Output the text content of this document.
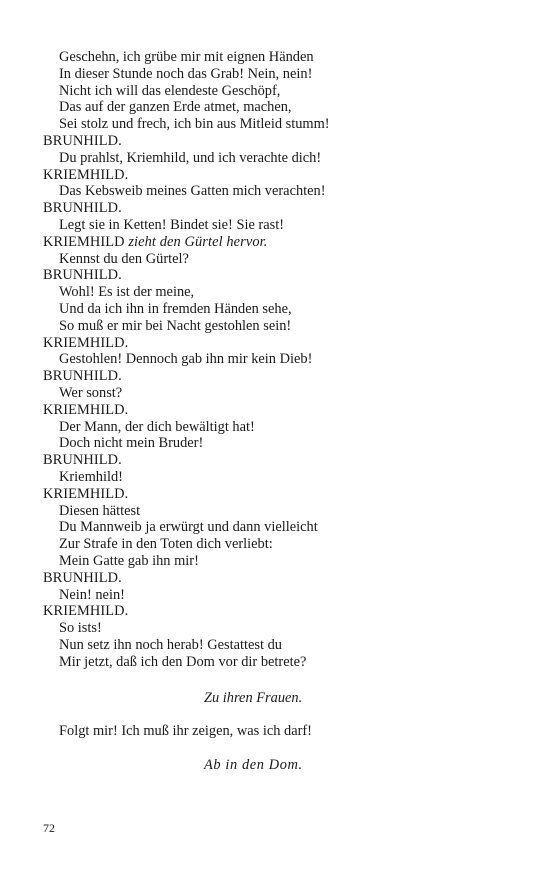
Geschehn, ich grübe mir mit eignen Händen
In dieser Stunde noch das Grab! Nein, nein!
Nicht ich will das elendeste Geschöpf,
Das auf der ganzen Erde atmet, machen,
Sei stolz und frech, ich bin aus Mitleid stumm!
BRUNHILD.
Du prahlst, Kriemhild, und ich verachte dich!
KRIEMHILD.
Das Kebsweib meines Gatten mich verachten!
BRUNHILD.
Legt sie in Ketten! Bindet sie! Sie rast!
KRIEMHILD zieht den Gürtel hervor.
Kennst du den Gürtel?
BRUNHILD.
Wohl! Es ist der meine,
Und da ich ihn in fremden Händen sehe,
So muß er mir bei Nacht gestohlen sein!
KRIEMHILD.
Gestohlen! Dennoch gab ihn mir kein Dieb!
BRUNHILD.
Wer sonst?
KRIEMHILD.
Der Mann, der dich bewältigt hat!
Doch nicht mein Bruder!
BRUNHILD.
Kriemhild!
KRIEMHILD.
Diesen hättest
Du Mannweib ja erwürgt und dann vielleicht
Zur Strafe in den Toten dich verliebt:
Mein Gatte gab ihn mir!
BRUNHILD.
Nein! nein!
KRIEMHILD.
So ists!
Nun setz ihn noch herab! Gestattest du
Mir jetzt, daß ich den Dom vor dir betrete?
Zu ihren Frauen.
Folgt mir! Ich muß ihr zeigen, was ich darf!
Ab in den Dom.
72
